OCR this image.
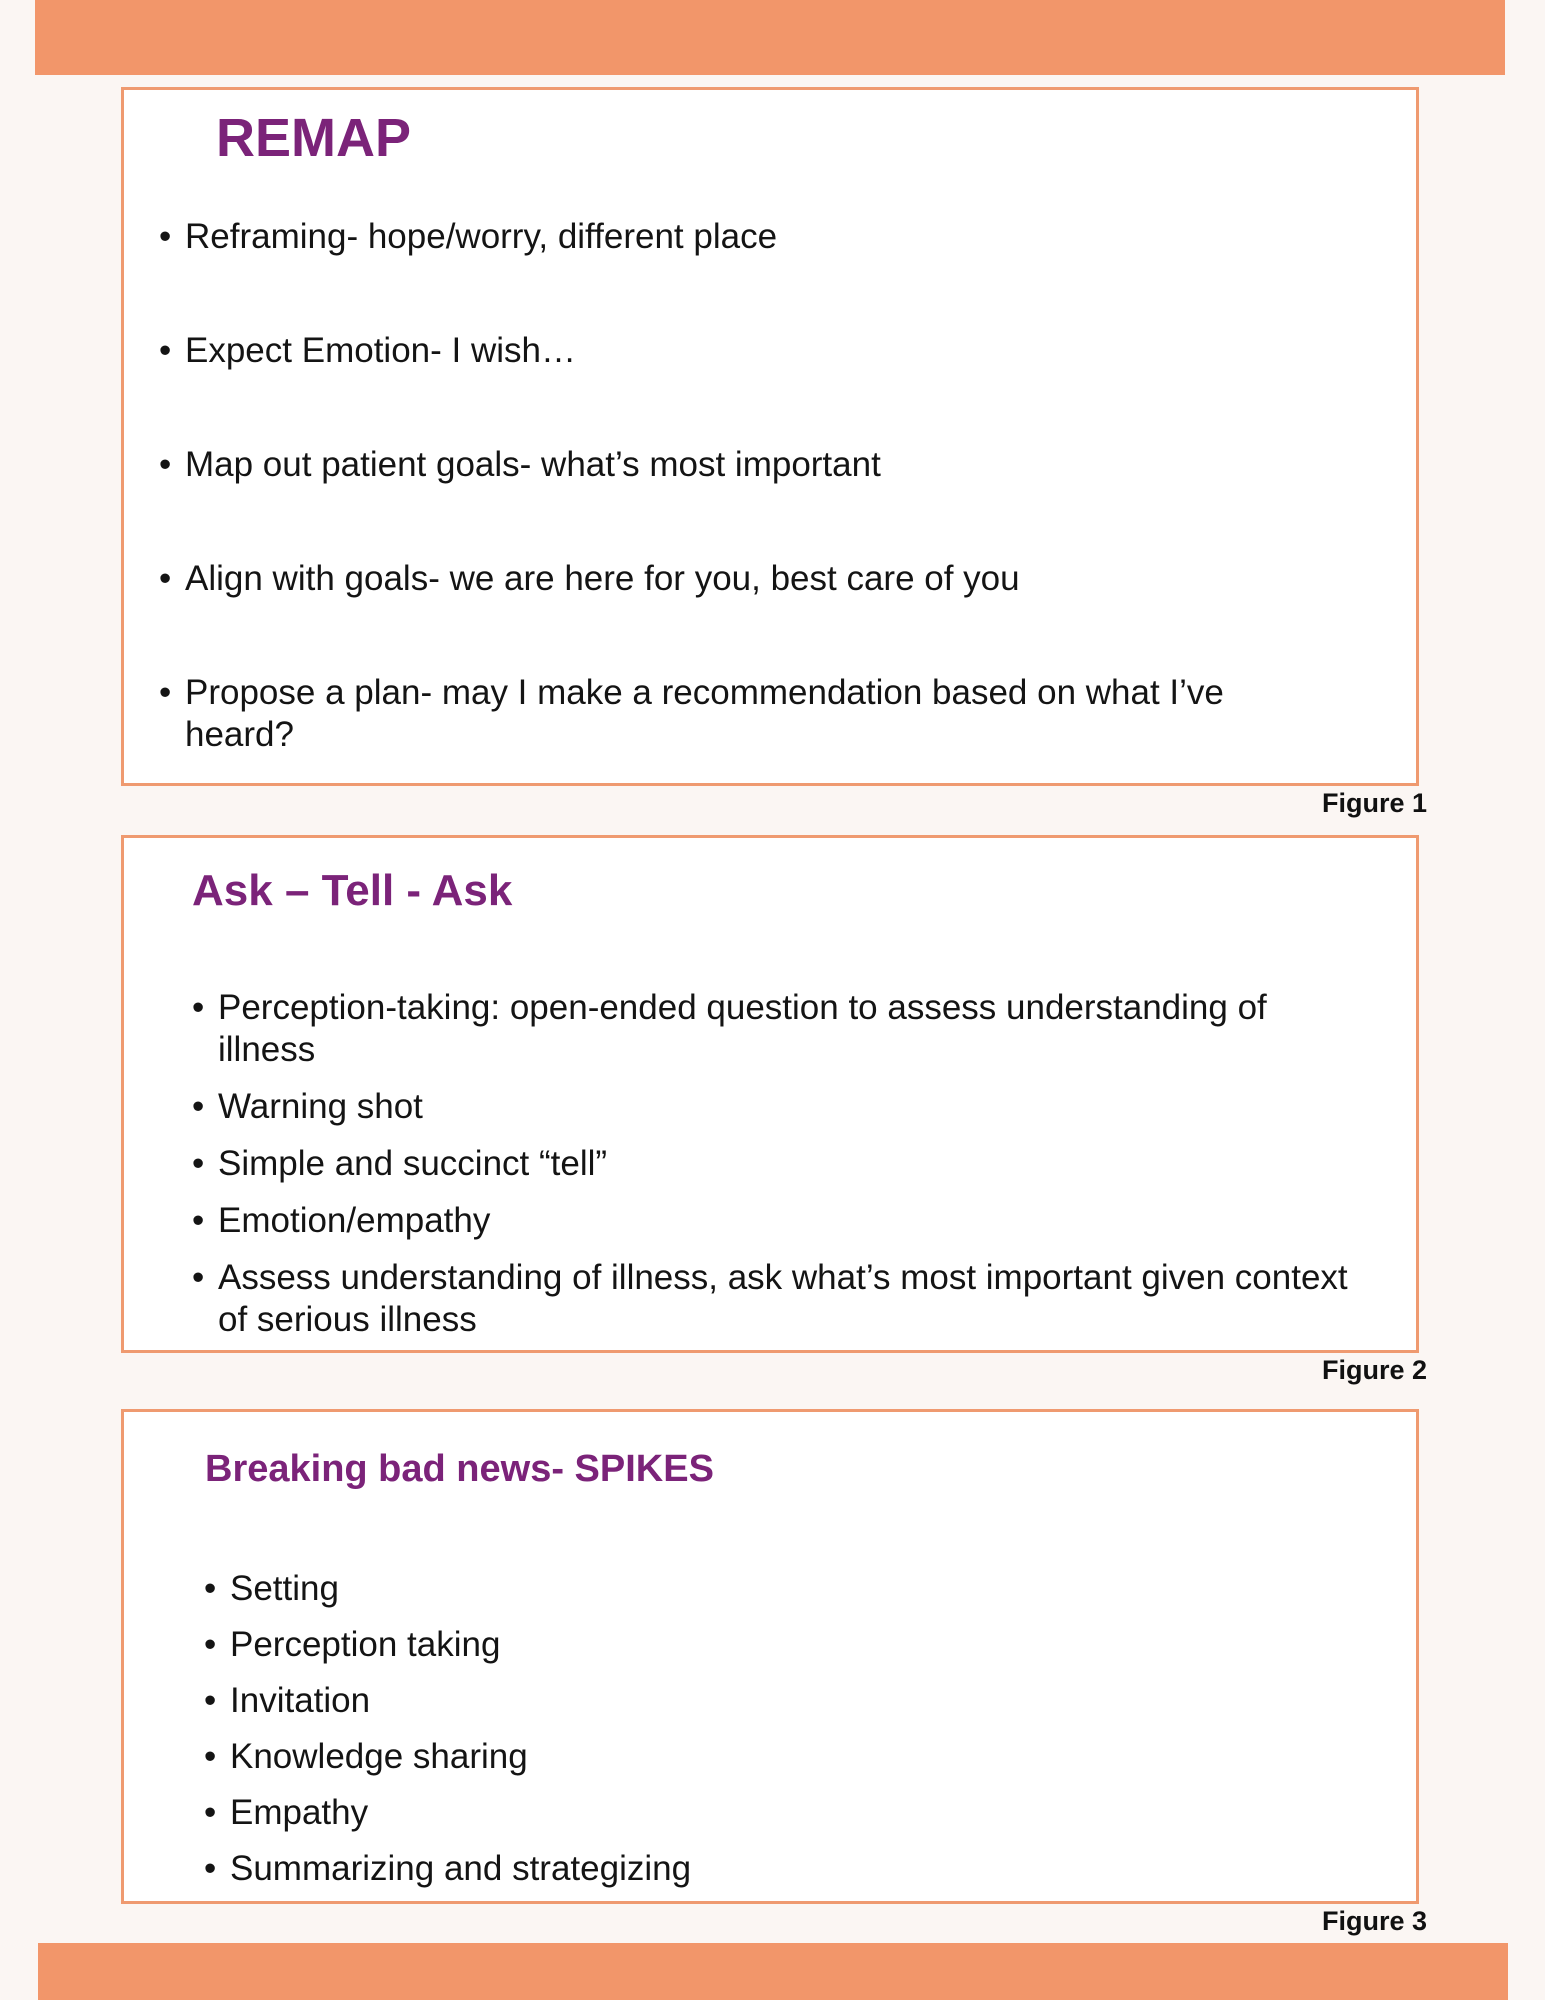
REMAP
• Reframing- hope/worry, different place
• Expect Emotion- I wish…
• Map out patient goals- what’s most important
• Align with goals- we are here for you, best care of you
• Propose a plan- may I make a recommendation based on what I’ve heard?

Figure 1

Ask – Tell - Ask
• Perception-taking: open-ended question to assess understanding of illness
• Warning shot
• Simple and succinct “tell”
• Emotion/empathy
• Assess understanding of illness, ask what’s most important given context of serious illness

Figure 2

Breaking bad news- SPIKES
• Setting
• Perception taking
• Invitation
• Knowledge sharing
• Empathy
• Summarizing and strategizing

Figure 3
